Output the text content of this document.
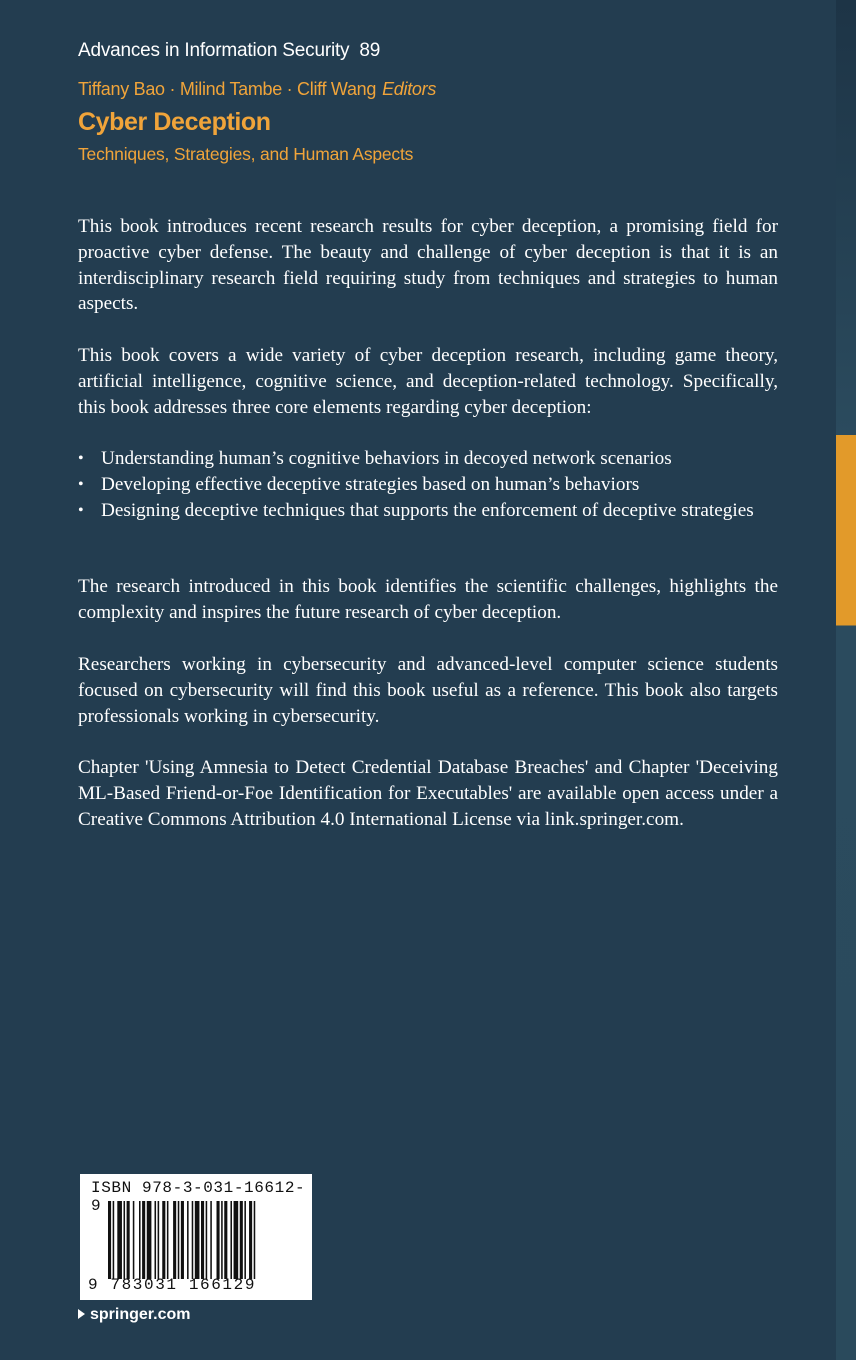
Advances in Information Security 89
Tiffany Bao · Milind Tambe · Cliff Wang Editors
Cyber Deception
Techniques, Strategies, and Human Aspects

This book introduces recent research results for cyber deception, a promising field for proactive cyber defense. The beauty and challenge of cyber deception is that it is an interdisciplinary research field requiring study from techniques and strategies to human aspects.

This book covers a wide variety of cyber deception research, including game theory, artificial intelligence, cognitive science, and deception-related technology. Specifically, this book addresses three core elements regarding cyber deception:

• Understanding human’s cognitive behaviors in decoyed network scenarios
• Developing effective deceptive strategies based on human’s behaviors
• Designing deceptive techniques that supports the enforcement of deceptive strategies

The research introduced in this book identifies the scientific challenges, highlights the complexity and inspires the future research of cyber deception.

Researchers working in cybersecurity and advanced-level computer science students focused on cybersecurity will find this book useful as a reference. This book also targets professionals working in cybersecurity.

Chapter 'Using Amnesia to Detect Credential Database Breaches' and Chapter 'Deceiving ML-Based Friend-or-Foe Identification for Executables' are available open access under a Creative Commons Attribution 4.0 International License via link.springer.com.

ISBN 978-3-031-16612-9
9 783031 166129
springer.com
